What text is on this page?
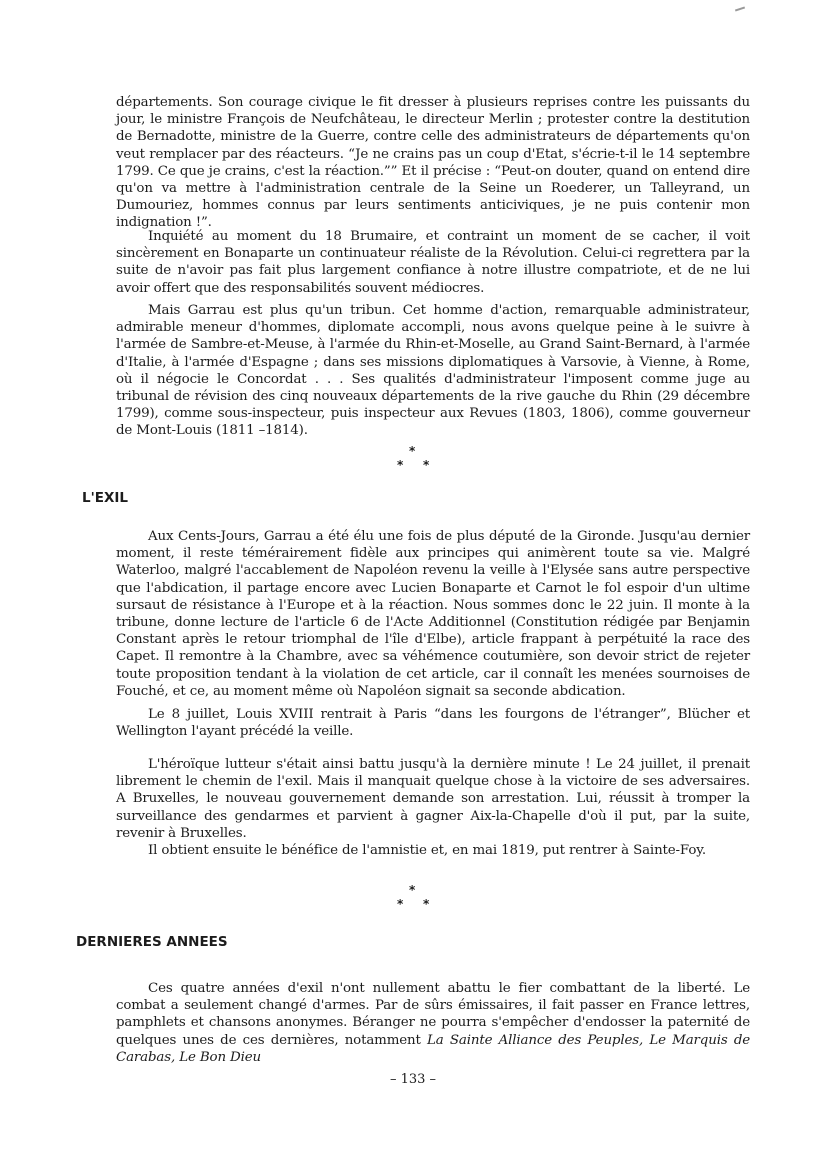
départements. Son courage civique le fit dresser à plusieurs reprises contre les puissants du jour, le ministre François de Neufchâteau, le directeur Merlin ; protester contre la destitution de Bernadotte, ministre de la Guerre, contre celle des administrateurs de départements qu'on veut remplacer par des réacteurs. “Je ne crains pas un coup d'Etat, s'écrie-t-il le 14 septembre 1799. Ce que je crains, c'est la réaction.”” Et il précise : “Peut-on douter, quand on entend dire qu'on va mettre à l'administration centrale de la Seine un Roederer, un Talleyrand, un Dumouriez, hommes connus par leurs sentiments anticiviques, je ne puis contenir mon indignation !”.

Inquiété au moment du 18 Brumaire, et contraint un moment de se cacher, il voit sincèrement en Bonaparte un continuateur réaliste de la Révolution. Celui-ci regrettera par la suite de n'avoir pas fait plus largement confiance à notre illustre compatriote, et de ne lui avoir offert que des responsabilités souvent médiocres.

Mais Garrau est plus qu'un tribun. Cet homme d'action, remarquable administrateur, admirable meneur d'hommes, diplomate accompli, nous avons quelque peine à le suivre à l'armée de Sambre-et-Meuse, à l'armée du Rhin-et-Moselle, au Grand Saint-Bernard, à l'armée d'Italie, à l'armée d'Espagne ; dans ses missions diplomatiques à Varsovie, à Vienne, à Rome, où il négocie le Concordat . . . Ses qualités d'administrateur l'imposent comme juge au tribunal de révision des cinq nouveaux départements de la rive gauche du Rhin (29 décembre 1799), comme sous-inspecteur, puis inspecteur aux Revues (1803, 1806), comme gouverneur de Mont-Louis (1811 –1814).

*
* *
L'EXIL

Aux Cents-Jours, Garrau a été élu une fois de plus député de la Gironde. Jusqu'au dernier moment, il reste témérairement fidèle aux principes qui animèrent toute sa vie. Malgré Waterloo, malgré l'accablement de Napoléon revenu la veille à l'Elysée sans autre perspective que l'abdication, il partage encore avec Lucien Bonaparte et Carnot le fol espoir d'un ultime sursaut de résistance à l'Europe et à la réaction. Nous sommes donc le 22 juin. Il monte à la tribune, donne lecture de l'article 6 de l'Acte Additionnel (Constitution rédigée par Benjamin Constant après le retour triomphal de l'île d'Elbe), article frappant à perpétuité la race des Capet. Il remontre à la Chambre, avec sa véhémence coutumière, son devoir strict de rejeter toute proposition tendant à la violation de cet article, car il connaît les menées sournoises de Fouché, et ce, au moment même où Napoléon signait sa seconde abdication.

Le 8 juillet, Louis XVIII rentrait à Paris “dans les fourgons de l'étranger”, Blücher et Wellington l'ayant précédé la veille.

L'héroïque lutteur s'était ainsi battu jusqu'à la dernière minute ! Le 24 juillet, il prenait librement le chemin de l'exil. Mais il manquait quelque chose à la victoire de ses adversaires. A Bruxelles, le nouveau gouvernement demande son arrestation. Lui, réussit à tromper la surveillance des gendarmes et parvient à gagner Aix-la-Chapelle d'où il put, par la suite, revenir à Bruxelles.

Il obtient ensuite le bénéfice de l'amnistie et, en mai 1819, put rentrer à Sainte-Foy.

*
* *
DERNIERES ANNEES

Ces quatre années d'exil n'ont nullement abattu le fier combattant de la liberté. Le combat a seulement changé d'armes. Par de sûrs émissaires, il fait passer en France lettres, pamphlets et chansons anonymes. Béranger ne pourra s'empêcher d'endosser la paternité de quelques unes de ces dernières, notamment La Sainte Alliance des Peuples, Le Marquis de Carabas, Le Bon Dieu

– 133 –
